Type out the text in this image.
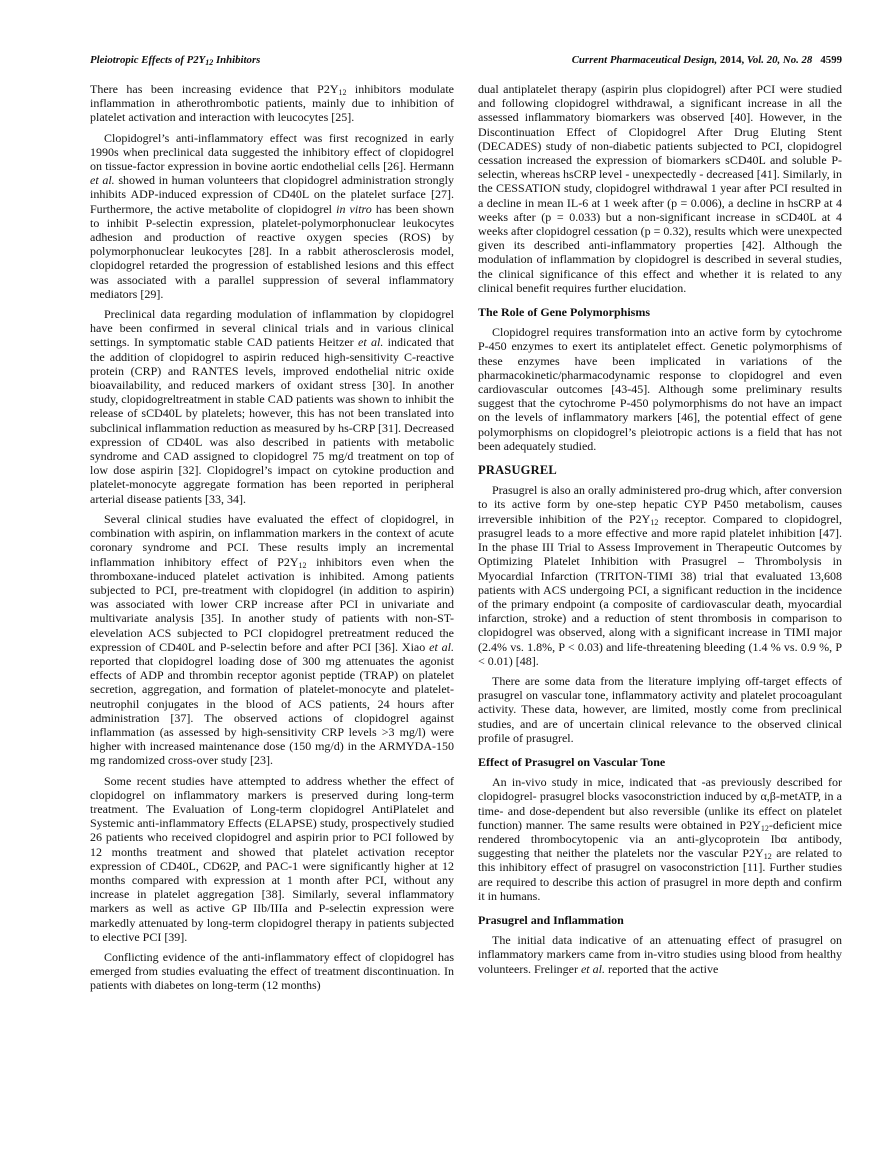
Pleiotropic Effects of $P2Y_{12}$ Inhibitors	Current Pharmaceutical Design, 2014, Vol. 20, No. 28 4599

There has been increasing evidence that $P2Y_{12}$ inhibitors modulate inflammation in atherothrombotic patients, mainly due to inhibition of platelet activation and interaction with leucocytes [25].

Clopidogrel’s anti-inflammatory effect was first recognized in early 1990s when preclinical data suggested the inhibitory effect of clopidogrel on tissue-factor expression in bovine aortic endothelial cells [26]. Hermann et al. showed in human volunteers that clopidogrel administration strongly inhibits ADP-induced expression of CD40L on the platelet surface [27]. Furthermore, the active metabolite of clopidogrel in vitro has been shown to inhibit P-selectin expression, platelet-polymorphonuclear leukocytes adhesion and production of reactive oxygen species (ROS) by polymorphonuclear leukocytes [28]. In a rabbit atherosclerosis model, clopidogrel retarded the progression of established lesions and this effect was associated with a parallel suppression of several inflammatory mediators [29].

Preclinical data regarding modulation of inflammation by clopidogrel have been confirmed in several clinical trials and in various clinical settings. In symptomatic stable CAD patients Heitzer et al. indicated that the addition of clopidogrel to aspirin reduced high-sensitivity C-reactive protein (CRP) and RANTES levels, improved endothelial nitric oxide bioavailability, and reduced markers of oxidant stress [30]. In another study, clopidogreltreatment in stable CAD patients was shown to inhibit the release of sCD40L by platelets; however, this has not been translated into subclinical inflammation reduction as measured by hs-CRP [31]. Decreased expression of CD40L was also described in patients with metabolic syndrome and CAD assigned to clopidogrel 75 mg/d treatment on top of low dose aspirin [32]. Clopidogrel’s impact on cytokine production and platelet-monocyte aggregate formation has been reported in peripheral arterial disease patients [33, 34].

Several clinical studies have evaluated the effect of clopidogrel, in combination with aspirin, on inflammation markers in the context of acute coronary syndrome and PCI. These results imply an incremental inflammation inhibitory effect of $P2Y_{12}$ inhibitors even when the thromboxane-induced platelet activation is inhibited. Among patients subjected to PCI, pre-treatment with clopidogrel (in addition to aspirin) was associated with lower CRP increase after PCI in univariate and multivariate analysis [35]. In another study of patients with non-ST-elevelation ACS subjected to PCI clopidogrel pretreatment reduced the expression of CD40L and P-selectin before and after PCI [36]. Xiao et al. reported that clopidogrel loading dose of 300 mg attenuates the agonist effects of ADP and thrombin receptor agonist peptide (TRAP) on platelet secretion, aggregation, and formation of platelet-monocyte and platelet-neutrophil conjugates in the blood of ACS patients, 24 hours after administration [37]. The observed actions of clopidogrel against inflammation (as assessed by high-sensitivity CRP levels >3 mg/l) were higher with increased maintenance dose (150 mg/d) in the ARMYDA-150 mg randomized cross-over study [23].

Some recent studies have attempted to address whether the effect of clopidogrel on inflammatory markers is preserved during long-term treatment. The Evaluation of Long-term clopidogrel AntiPlatelet and Systemic anti-inflammatory Effects (ELAPSE) study, prospectively studied 26 patients who received clopidogrel and aspirin prior to PCI followed by 12 months treatment and showed that platelet activation receptor expression of CD40L, CD62P, and PAC-1 were significantly higher at 12 months compared with expression at 1 month after PCI, without any increase in platelet aggregation [38]. Similarly, several inflammatory markers as well as active GP IIb/IIIa and P-selectin expression were markedly attenuated by long-term clopidogrel therapy in patients subjected to elective PCI [39].

Conflicting evidence of the anti-inflammatory effect of clopidogrel has emerged from studies evaluating the effect of treatment discontinuation. In patients with diabetes on long-term (12 months)

dual antiplatelet therapy (aspirin plus clopidogrel) after PCI were studied and following clopidogrel withdrawal, a significant increase in all the assessed inflammatory biomarkers was observed [40]. However, in the Discontinuation Effect of Clopidogrel After Drug Eluting Stent (DECADES) study of non-diabetic patients subjected to PCI, clopidogrel cessation increased the expression of biomarkers sCD40L and soluble P-selectin, whereas hsCRP level - unexpectedly - decreased [41]. Similarly, in the CESSATION study, clopidogrel withdrawal 1 year after PCI resulted in a decline in mean IL-6 at 1 week after (p = 0.006), a decline in hsCRP at 4 weeks after (p = 0.033) but a non-significant increase in sCD40L at 4 weeks after clopidogrel cessation (p = 0.32), results which were unexpected given its described anti-inflammatory properties [42]. Although the modulation of inflammation by clopidogrel is described in several studies, the clinical significance of this effect and whether it is related to any clinical benefit requires further elucidation.

The Role of Gene Polymorphisms

Clopidogrel requires transformation into an active form by cytochrome P-450 enzymes to exert its antiplatelet effect. Genetic polymorphisms of these enzymes have been implicated in variations of the pharmacokinetic/pharmacodynamic response to clopidogrel and even cardiovascular outcomes [43-45]. Although some preliminary results suggest that the cytochrome P-450 polymorphisms do not have an impact on the levels of inflammatory markers [46], the potential effect of gene polymorphisms on clopidogrel’s pleiotropic actions is a field that has not been adequately studied.

PRASUGREL

Prasugrel is also an orally administered pro-drug which, after conversion to its active form by one-step hepatic CYP P450 metabolism, causes irreversible inhibition of the $P2Y_{12}$ receptor. Compared to clopidogrel, prasugrel leads to a more effective and more rapid platelet inhibition [47]. In the phase III Trial to Assess Improvement in Therapeutic Outcomes by Optimizing Platelet Inhibition with Prasugrel – Thrombolysis in Myocardial Infarction (TRITON-TIMI 38) trial that evaluated 13,608 patients with ACS undergoing PCI, a significant reduction in the incidence of the primary endpoint (a composite of cardiovascular death, myocardial infarction, stroke) and a reduction of stent thrombosis in comparison to clopidogrel was observed, along with a significant increase in TIMI major (2.4% vs. 1.8%, P < 0.03) and life-threatening bleeding (1.4 % vs. 0.9 %, P < 0.01) [48].

There are some data from the literature implying off-target effects of prasugrel on vascular tone, inflammatory activity and platelet procoagulant activity. These data, however, are limited, mostly come from preclinical studies, and are of uncertain clinical relevance to the observed clinical profile of prasugrel.

Effect of Prasugrel on Vascular Tone

An in-vivo study in mice, indicated that -as previously described for clopidogrel- prasugrel blocks vasoconstriction induced by α,β-metATP, in a time- and dose-dependent but also reversible (unlike its effect on platelet function) manner. The same results were obtained in $P2Y_{12}$-deficient mice rendered thrombocytopenic via an anti-glycoprotein Ibα antibody, suggesting that neither the platelets nor the vascular $P2Y_{12}$ are related to this inhibitory effect of prasugrel on vasoconstriction [11]. Further studies are required to describe this action of prasugrel in more depth and confirm it in humans.

Prasugrel and Inflammation

The initial data indicative of an attenuating effect of prasugrel on inflammatory markers came from in-vitro studies using blood from healthy volunteers. Frelinger et al. reported that the active
